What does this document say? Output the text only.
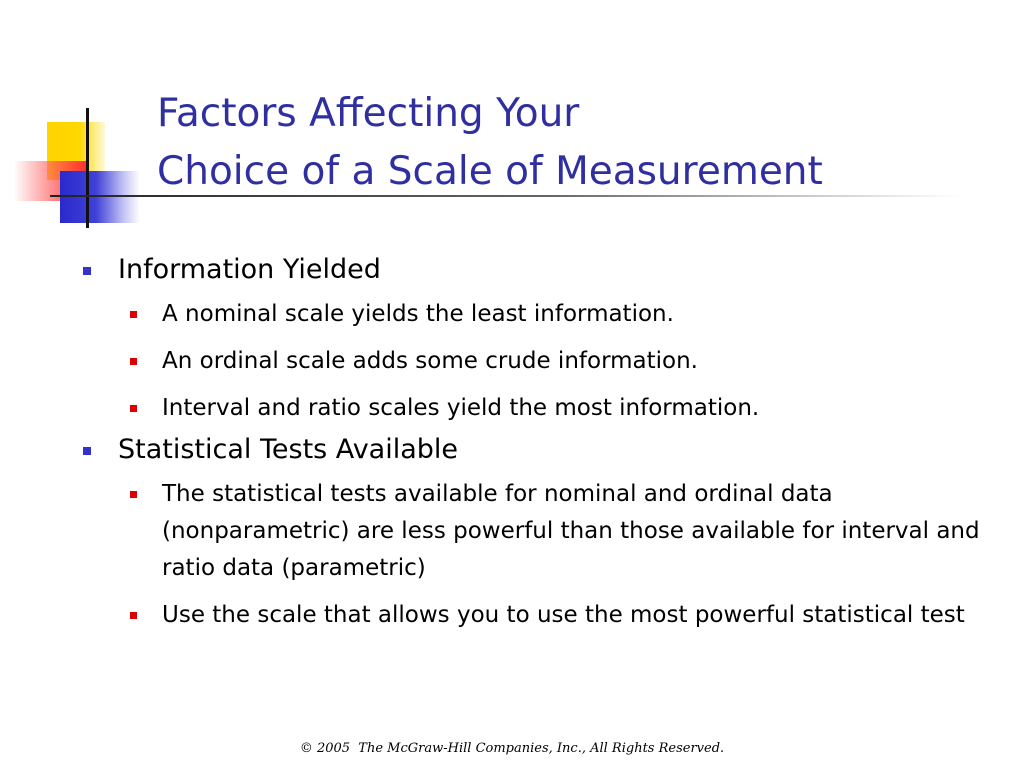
Factors Affecting Your
Choice of a Scale of Measurement
Information Yielded
A nominal scale yields the least information.
An ordinal scale adds some crude information.
Interval and ratio scales yield the most information.
Statistical Tests Available
The statistical tests available for nominal and ordinal data (nonparametric) are less powerful than those available for interval and ratio data (parametric)
Use the scale that allows you to use the most powerful statistical test
© 2005  The McGraw-Hill Companies, Inc., All Rights Reserved.
